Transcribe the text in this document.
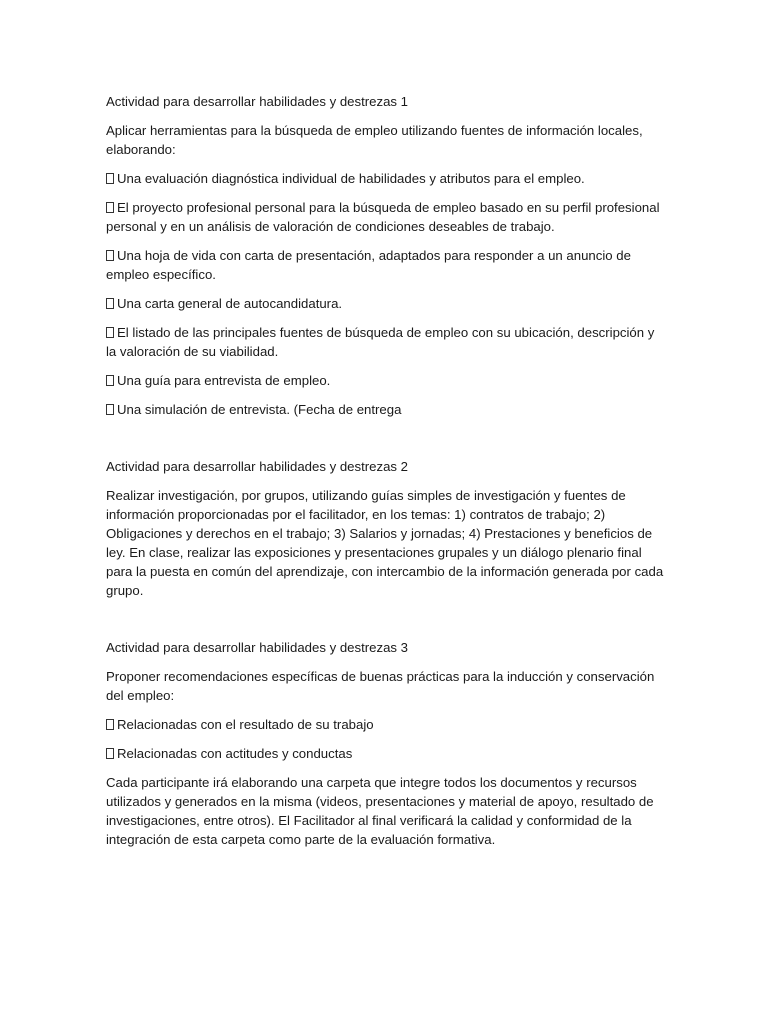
Actividad para desarrollar habilidades y destrezas 1

Aplicar herramientas para la búsqueda de empleo utilizando fuentes de información locales, elaborando:

Una evaluación diagnóstica individual de habilidades y atributos para el empleo.

El proyecto profesional personal para la búsqueda de empleo basado en su perfil profesional personal y en un análisis de valoración de condiciones deseables de trabajo.

Una hoja de vida con carta de presentación, adaptados para responder a un anuncio de empleo específico.

Una carta general de autocandidatura.

El listado de las principales fuentes de búsqueda de empleo con su ubicación, descripción y la valoración de su viabilidad.

Una guía para entrevista de empleo.

Una simulación de entrevista. (Fecha de entrega

Actividad para desarrollar habilidades y destrezas 2

Realizar investigación, por grupos, utilizando guías simples de investigación y fuentes de información proporcionadas por el facilitador, en los temas: 1) contratos de trabajo; 2) Obligaciones y derechos en el trabajo; 3) Salarios y jornadas; 4) Prestaciones y beneficios de ley. En clase, realizar las exposiciones y presentaciones grupales y un diálogo plenario final para la puesta en común del aprendizaje, con intercambio de la información generada por cada grupo.

Actividad para desarrollar habilidades y destrezas 3

Proponer recomendaciones específicas de buenas prácticas para la inducción y conservación del empleo:

Relacionadas con el resultado de su trabajo

Relacionadas con actitudes y conductas

Cada participante irá elaborando una carpeta que integre todos los documentos y recursos utilizados y generados en la misma (videos, presentaciones y material de apoyo, resultado de investigaciones, entre otros). El Facilitador al final verificará la calidad y conformidad de la integración de esta carpeta como parte de la evaluación formativa.
